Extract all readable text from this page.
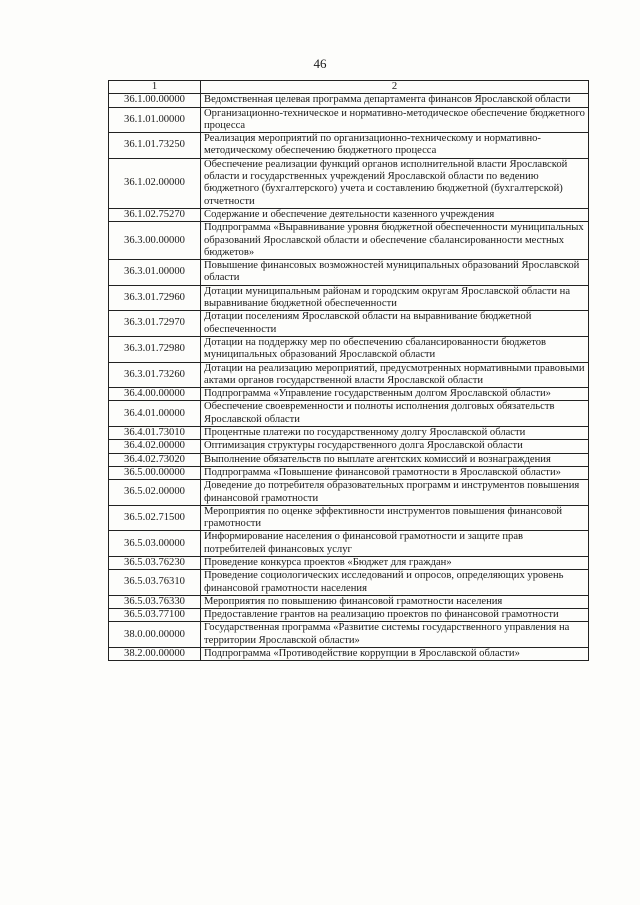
46
1	2
36.1.00.00000	Ведомственная целевая программа департамента финансов Ярославской области
36.1.01.00000	Организационно-техническое и нормативно-методическое обеспечение бюджетного процесса
36.1.01.73250	Реализация мероприятий по организационно-техническому и нормативно-методическому обеспечению бюджетного процесса
36.1.02.00000	Обеспечение реализации функций органов исполнительной власти Ярославской области и государственных учреждений Ярославской области по ведению бюджетного (бухгалтерского) учета и составлению бюджетной (бухгалтерской) отчетности
36.1.02.75270	Содержание и обеспечение деятельности казенного учреждения
36.3.00.00000	Подпрограмма «Выравнивание уровня бюджетной обеспеченности муниципальных образований Ярославской области и обеспечение сбалансированности местных бюджетов»
36.3.01.00000	Повышение финансовых возможностей муниципальных образований Ярославской области
36.3.01.72960	Дотации муниципальным районам и городским округам Ярославской области на выравнивание бюджетной обеспеченности
36.3.01.72970	Дотации поселениям Ярославской области на выравнивание бюджетной обеспеченности
36.3.01.72980	Дотации на поддержку мер по обеспечению сбалансированности бюджетов муниципальных образований Ярославской области
36.3.01.73260	Дотации на реализацию мероприятий, предусмотренных нормативными правовыми актами органов государственной власти Ярославской области
36.4.00.00000	Подпрограмма «Управление государственным долгом Ярославской области»
36.4.01.00000	Обеспечение своевременности и полноты исполнения долговых обязательств Ярославской области
36.4.01.73010	Процентные платежи по государственному долгу Ярославской области
36.4.02.00000	Оптимизация структуры государственного долга Ярославской области
36.4.02.73020	Выполнение обязательств по выплате агентских комиссий и вознаграждения
36.5.00.00000	Подпрограмма «Повышение финансовой грамотности в Ярославской области»
36.5.02.00000	Доведение до потребителя образовательных программ и инструментов повышения финансовой грамотности
36.5.02.71500	Мероприятия по оценке эффективности инструментов повышения финансовой грамотности
36.5.03.00000	Информирование населения о финансовой грамотности и защите прав потребителей финансовых услуг
36.5.03.76230	Проведение конкурса проектов «Бюджет для граждан»
36.5.03.76310	Проведение социологических исследований и опросов, определяющих уровень финансовой грамотности населения
36.5.03.76330	Мероприятия по повышению финансовой грамотности населения
36.5.03.77100	Предоставление грантов на реализацию проектов по финансовой грамотности
38.0.00.00000	Государственная программа «Развитие системы государственного управления на территории Ярославской области»
38.2.00.00000	Подпрограмма «Противодействие коррупции в Ярославской области»
